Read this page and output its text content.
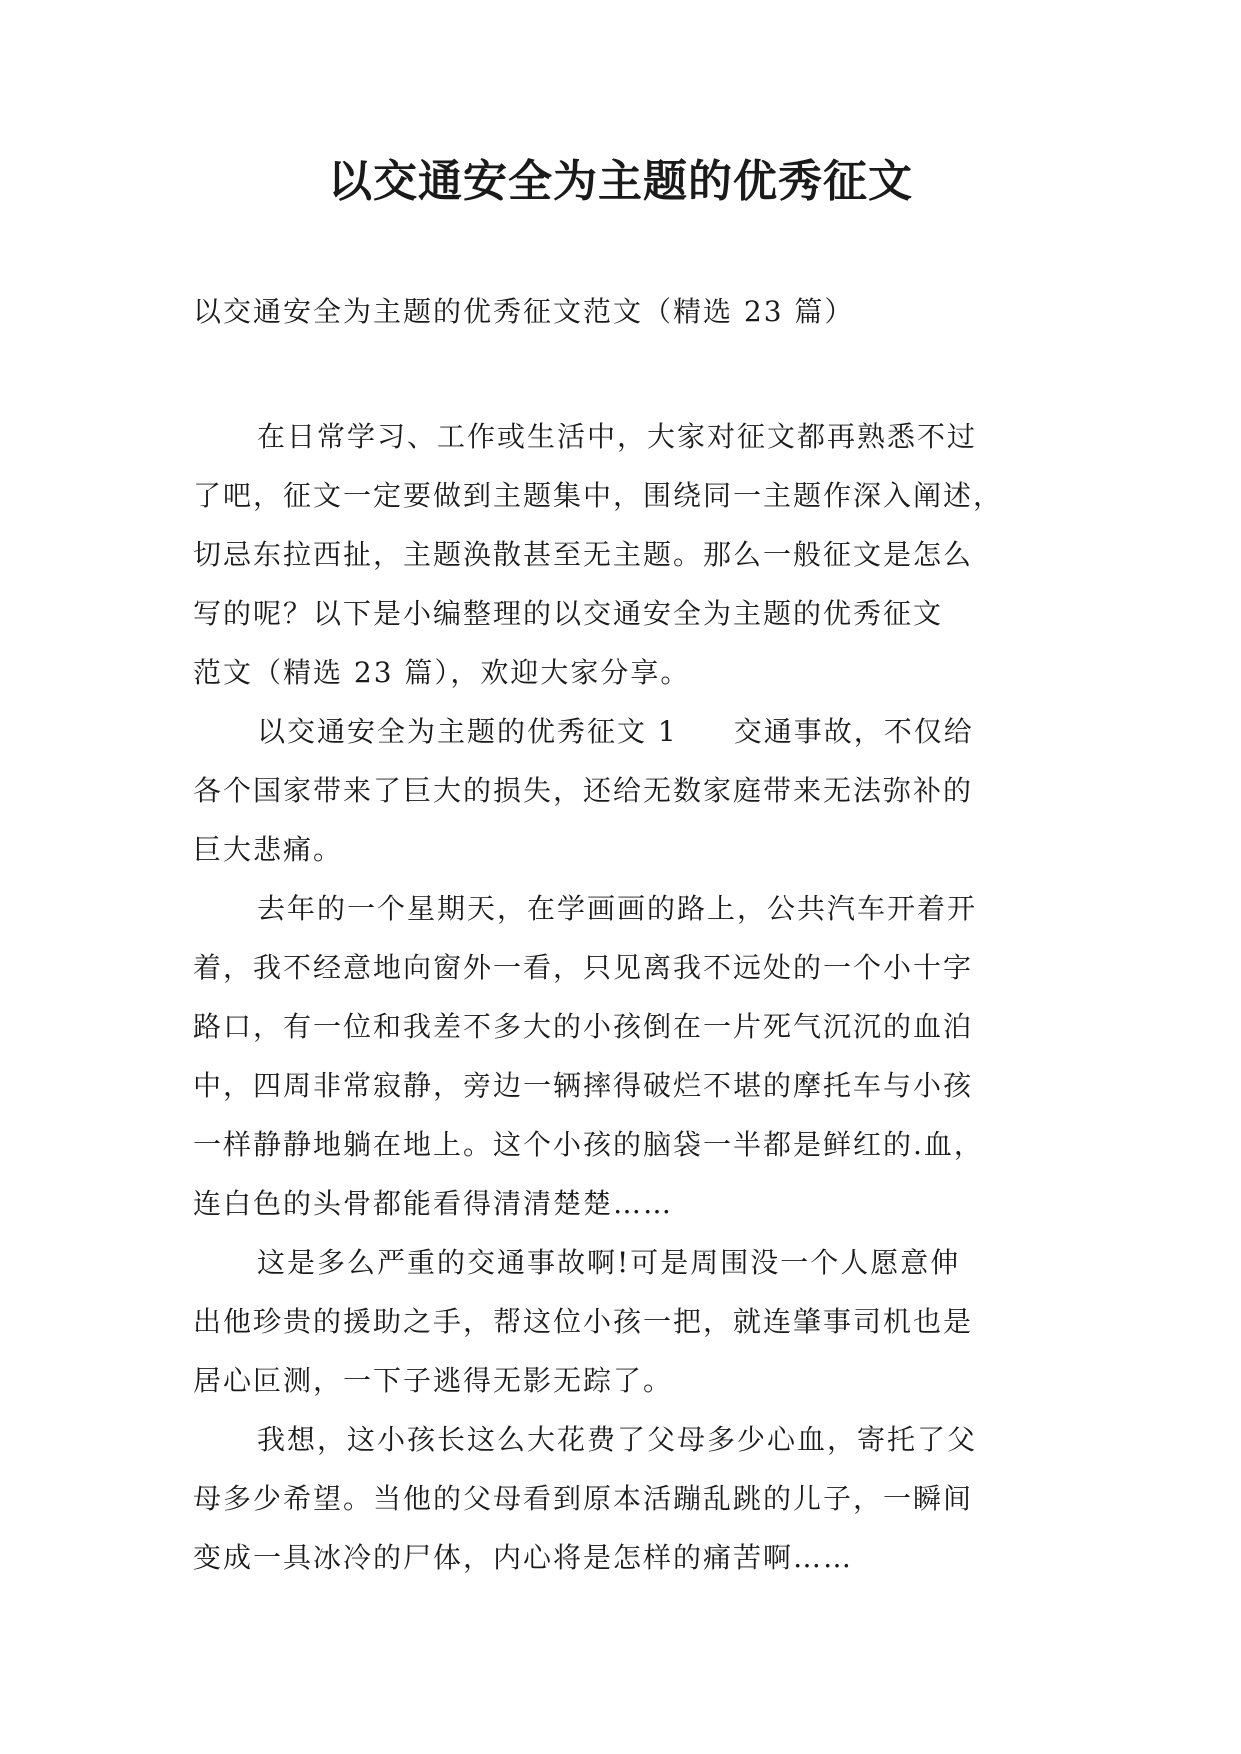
以交通安全为主题的优秀征文

以交通安全为主题的优秀征文范文（精选 23 篇）

在日常学习、工作或生活中，大家对征文都再熟悉不过
了吧，征文一定要做到主题集中，围绕同一主题作深入阐述，
切忌东拉西扯，主题涣散甚至无主题。那么一般征文是怎么
写的呢？以下是小编整理的以交通安全为主题的优秀征文
范文（精选 23 篇），欢迎大家分享。

以交通安全为主题的优秀征文 1 交通事故，不仅给
各个国家带来了巨大的损失，还给无数家庭带来无法弥补的
巨大悲痛。

去年的一个星期天，在学画画的路上，公共汽车开着开
着，我不经意地向窗外一看，只见离我不远处的一个小十字
路口，有一位和我差不多大的小孩倒在一片死气沉沉的血泊
中，四周非常寂静，旁边一辆摔得破烂不堪的摩托车与小孩
一样静静地躺在地上。这个小孩的脑袋一半都是鲜红的.血，
连白色的头骨都能看得清清楚楚……

这是多么严重的交通事故啊!可是周围没一个人愿意伸
出他珍贵的援助之手，帮这位小孩一把，就连肇事司机也是
居心叵测，一下子逃得无影无踪了。

我想，这小孩长这么大花费了父母多少心血，寄托了父
母多少希望。当他的父母看到原本活蹦乱跳的儿子，一瞬间
变成一具冰冷的尸体，内心将是怎样的痛苦啊……
